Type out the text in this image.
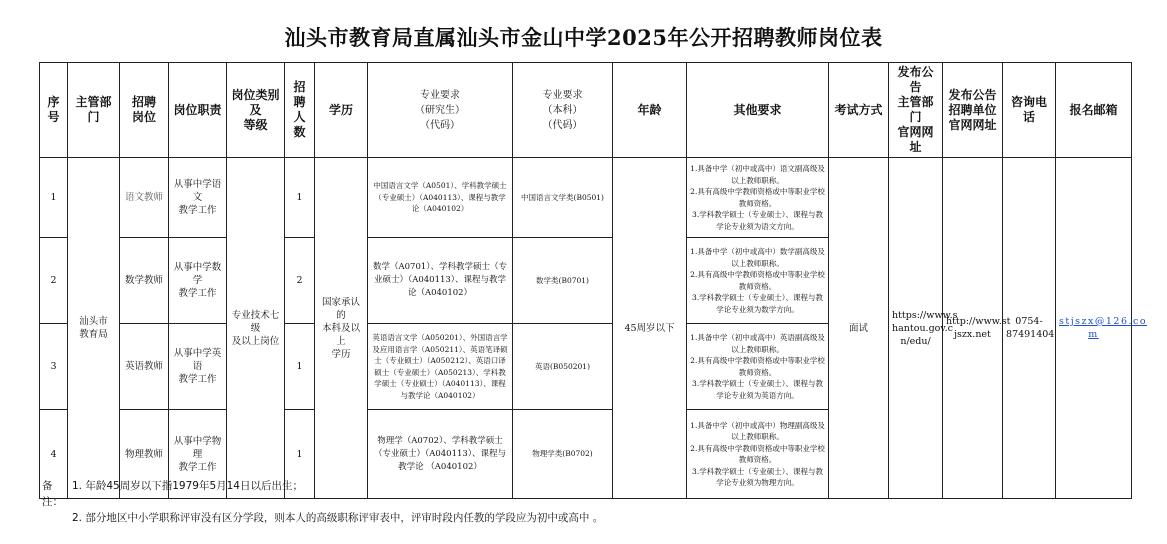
汕头市教育局直属汕头市金山中学2025年公开招聘教师岗位表
序号	主管部门	招聘
岗位	岗位职责	岗位类别及
等级	招聘
人数	学历	专业要求
（研究生）
（代码）	专业要求
（本科）
（代码）	年龄	其他要求	考试方式	发布公告
主管部门
官网网址	发布公告
招聘单位
官网网址	咨询电话	报名邮箱
1	汕头市
教育局	语文教师	从事中学语文
教学工作	专业技术七级
及以上岗位	1	国家承认的
本科及以上
学历	中国语言文学（A0501）、学科教学硕士（专业硕士）（A040113）、课程与教学论（A040102）	中国语言文学类(B0501)	45周岁以下	1.具备中学（初中或高中）语文副高级及以上教师职称。
2.具有高级中学教师资格或中等职业学校教师资格。
3.学科教学硕士（专业硕士）、课程与教学论专业须为语文方向。	面试	https://www.s
hantou.gov.c
n/edu/	http://www.st
jszx.net	0754-
87491404	stjszx@126.co
m
2		数学教师	从事中学数学
教学工作		2		数学（A0701）、学科教学硕士（专业硕士）（A040113）、课程与教学论（A040102）	数学类(B0701)		1.具备中学（初中或高中）数学副高级及以上教师职称。
2.具有高级中学教师资格或中等职业学校教师资格。
3.学科教学硕士（专业硕士）、课程与教学论专业须为数学方向。					
3		英语教师	从事中学英语
教学工作		1		英语语言文学（A050201）、外国语言学及应用语言学（A050211）、英语笔译硕士（专业硕士）（A050212）、英语口译硕士（专业硕士）（A050213）、学科教学硕士（专业硕士）（A040113）、课程与教学论（A040102）	英语(B050201)		1.具备中学（初中或高中）英语副高级及以上教师职称。
2.具有高级中学教师资格或中等职业学校教师资格。
3.学科教学硕士（专业硕士）、课程与教学论专业须为英语方向。					
4		物理教师	从事中学物理
教学工作		1		物理学（A0702）、学科教学硕士（专业硕士）（A040113）、课程与教学论 （A040102）	物理学类(B0702)		1.具备中学（初中或高中）物理副高级及以上教师职称。
2.具有高级中学教师资格或中等职业学校教师资格。
3.学科教学硕士（专业硕士）、课程与教学论专业须为物理方向。					
备注：
1. 年龄45周岁以下指1979年5月14日以后出生；
2. 部分地区中小学职称评审没有区分学段，则本人的高级职称评审表中，评审时段内任教的学段应为初中或高中 。
